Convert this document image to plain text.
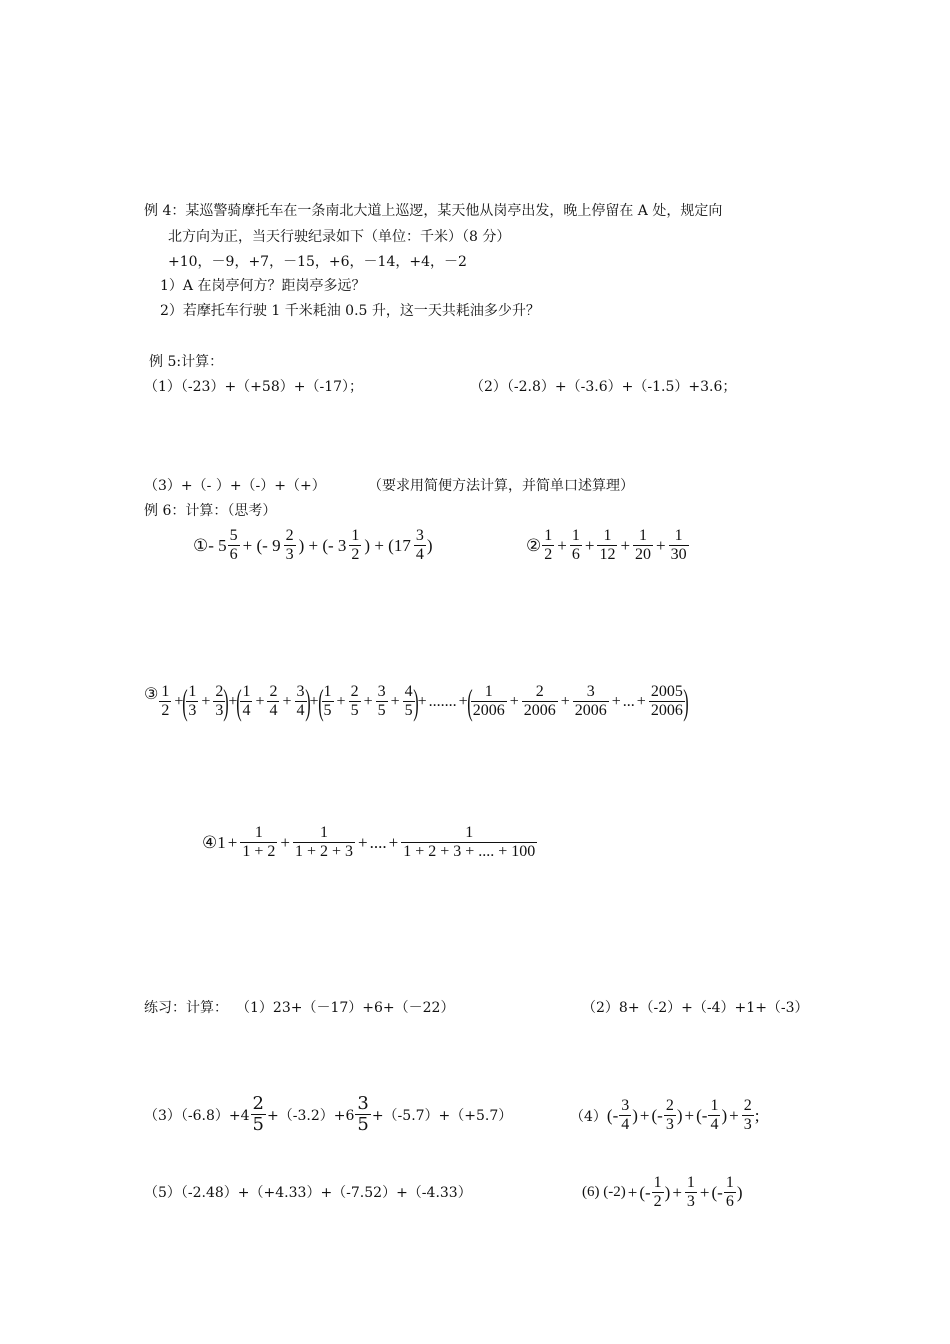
例 4：某巡警骑摩托车在一条南北大道上巡逻，某天他从岗亭出发，晚上停留在 A 处，规定向
北方向为正，当天行驶纪录如下（单位：千米）（8 分）
+10，－9，+7，－15，+6，－14，+4，－2
1）A 在岗亭何方？距岗亭多远？
2）若摩托车行驶 1 千米耗油 0.5 升，这一天共耗油多少升？
例 5:计算：
（1）（-23）+（+58）+（-17）；	（2）（-2.8）+（-3.6）+（-1.5）+3.6；
（3）+（- ）+（-）+（+）	（要求用简便方法计算，并简单口述算理）
例 6：计算：（思考）
① - 5
5
6 + (- 9
2
3 ) + (- 3
1
2 ) + (17
3
4 )	②
1
$2 + \frac{1}{6} + \frac{1}{12} + \frac{1}{20} + \frac{1}{30}$
③ 1
2
+ ( 1
3
+ $\frac{2}{3}$
) + ( 1
4
+ $\frac{2}{4} + \frac{3}{4}$
) + ( 1
5
+ $\frac{2}{5} + \frac{3}{5} + \frac{4}{5}$
) + ....... + ( 1
2006
+ $\frac{2}{2006} + \frac{3}{2006}$ + ... + $\frac{2005}{2006}$
)
④ $1 + \frac{1}{1 + 2} + \frac{1}{1 + 2 + 3}$ + .... + $\frac{1}{1 + 2 + 3 + .... + 100}$
练习：计算： （1）23+（－17）+6+（－22）	（2）8+（-2）+（-4）+1+（-3）
（3）（-6.8）+4
2
5 +（-3.2）+6
3
5 +（-5.7）+（+5.7）	（4） (-
3
4 ) + (-
2
3 ) + (-
1
4 ) + $\frac{2}{3}$ ;
（5）（-2.48）+（+4.33）+（-7.52）+（-4.33）	(6) (-2) + (-
1
2 ) + $\frac{1}{3}$ + (-
1
6 )
